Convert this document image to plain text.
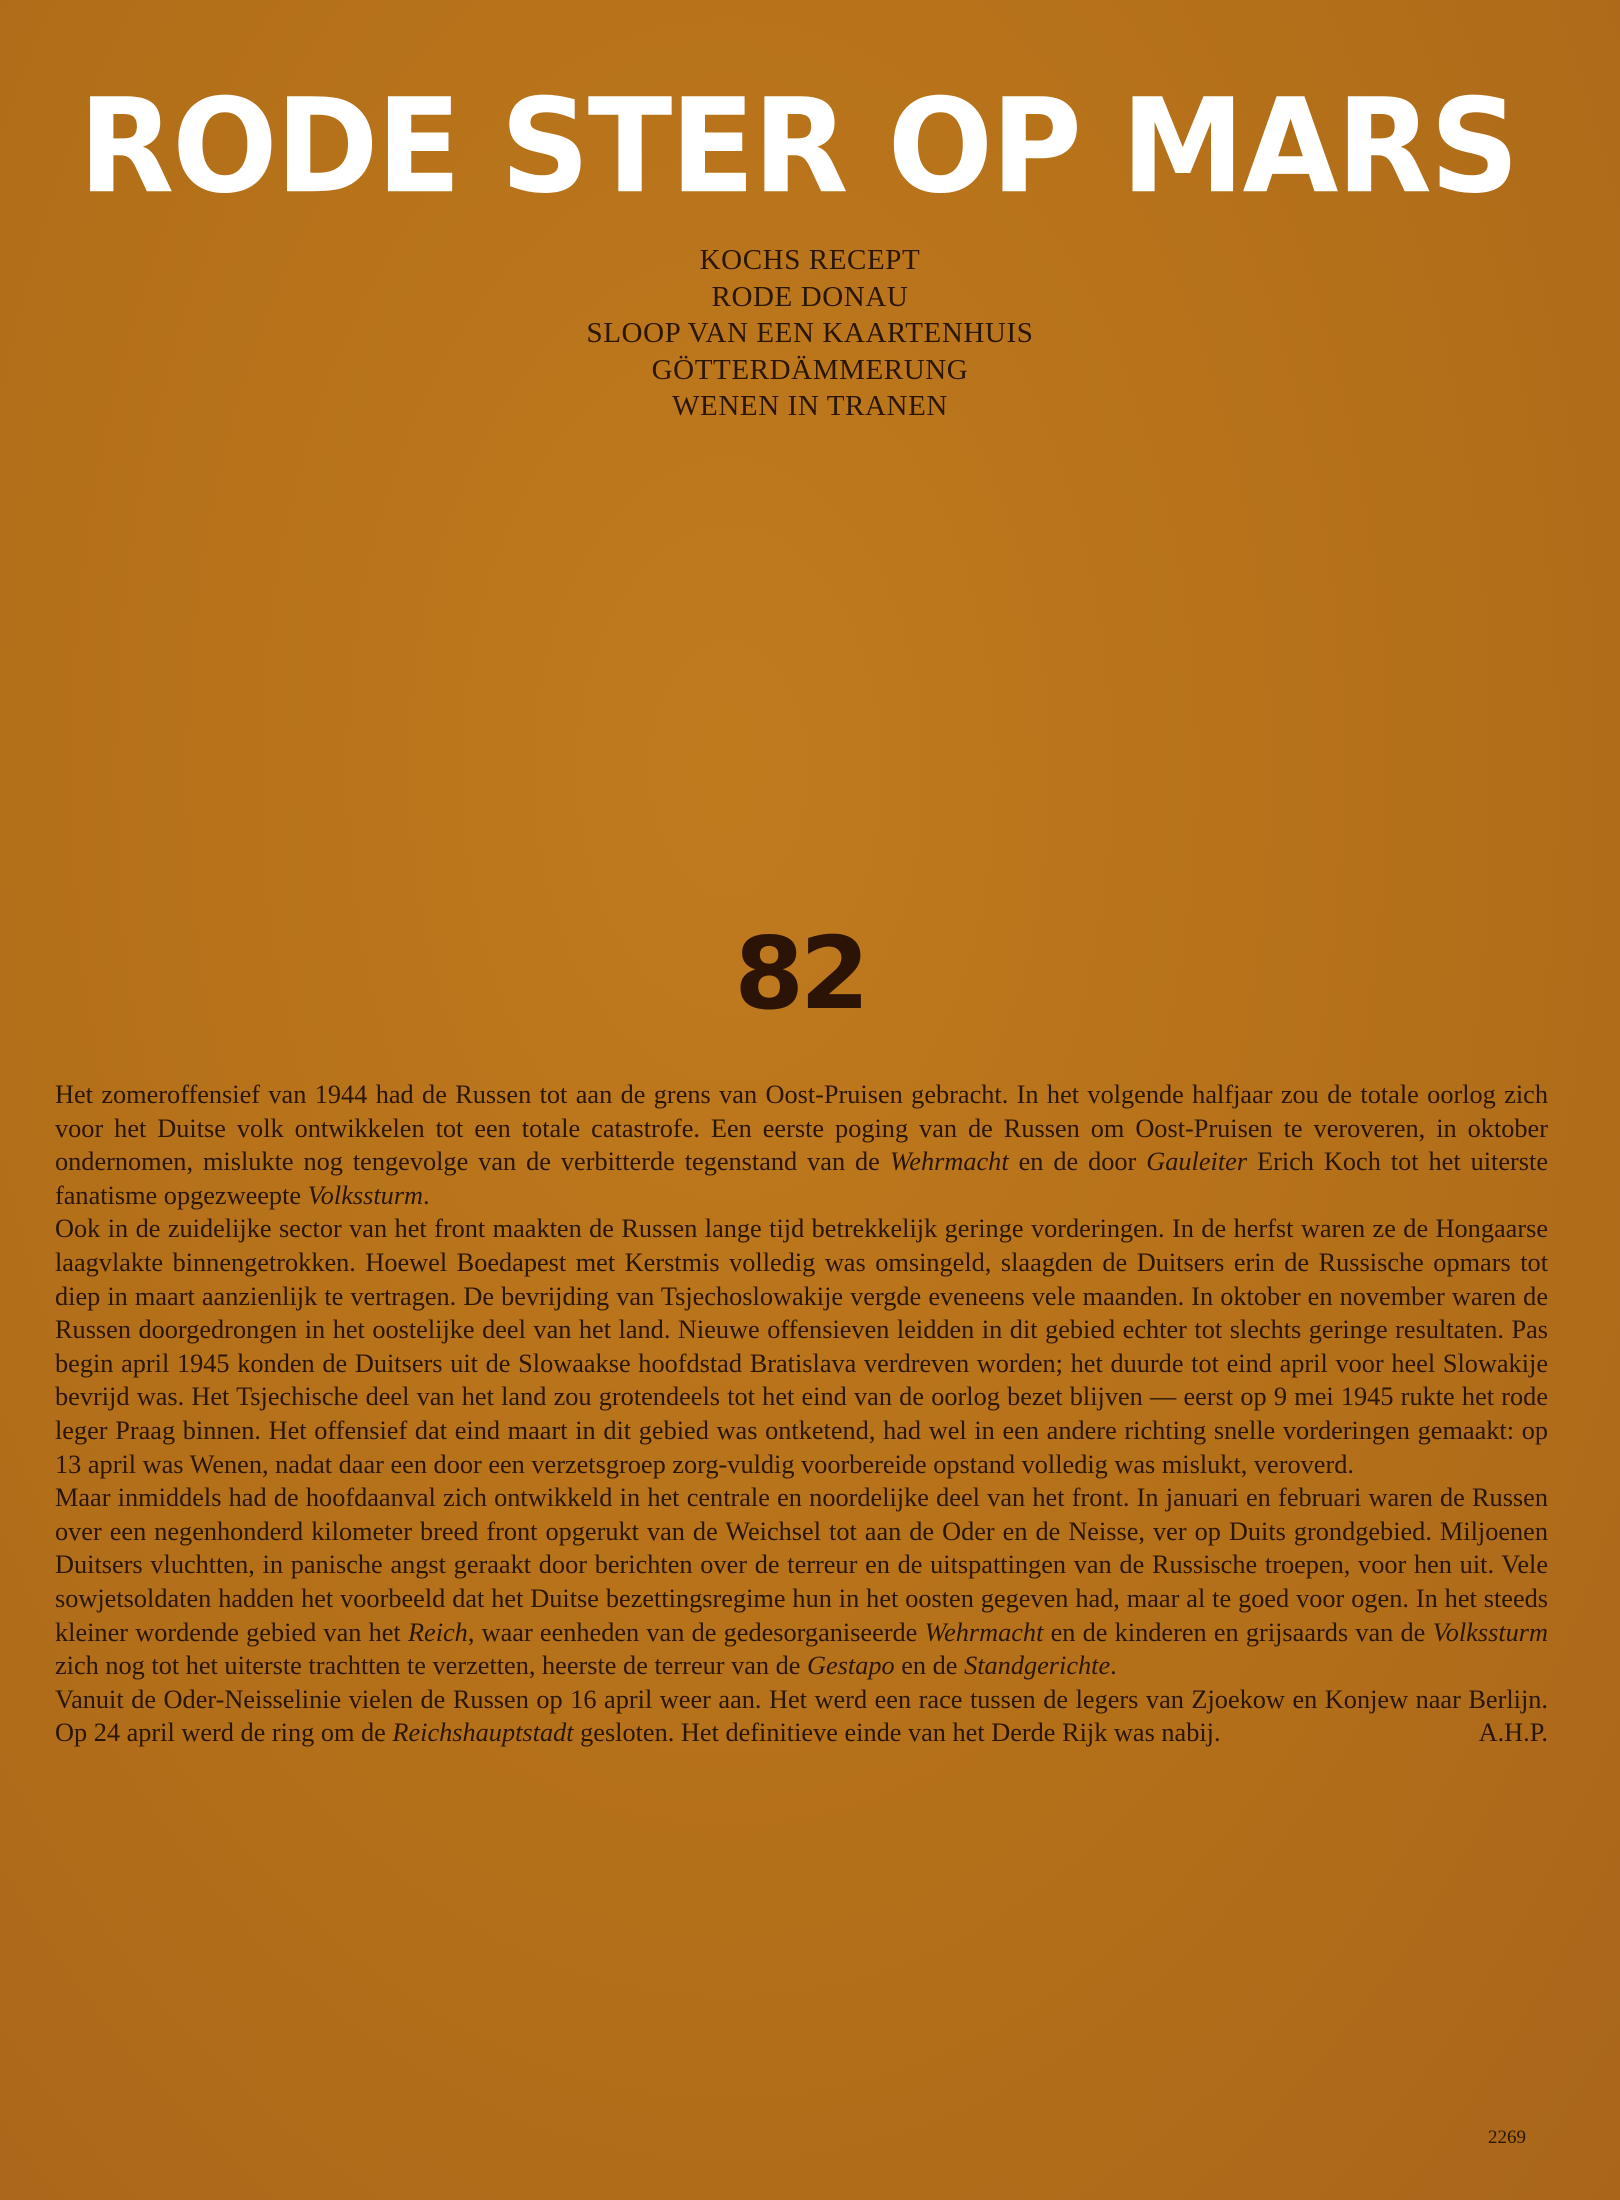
RODE STER OP MARS
KOCHS RECEPT
RODE DONAU
SLOOP VAN EEN KAARTENHUIS
GÖTTERDÄMMERUNG
WENEN IN TRANEN
82

Het zomeroffensief van 1944 had de Russen tot aan de grens van Oost-Pruisen gebracht. In het volgende halfjaar zou de totale oorlog zich voor het Duitse volk ontwikkelen tot een totale catastrofe. Een eerste poging van de Russen om Oost-Pruisen te veroveren, in oktober ondernomen, mislukte nog tengevolge van de verbitterde tegenstand van de Wehrmacht en de door Gauleiter Erich Koch tot het uiterste fanatisme opgezweepte Volkssturm.

Ook in de zuidelijke sector van het front maakten de Russen lange tijd betrekkelijk geringe vorderingen. In de herfst waren ze de Hongaarse laagvlakte binnengetrokken. Hoewel Boedapest met Kerstmis volledig was omsingeld, slaagden de Duitsers erin de Russische opmars tot diep in maart aanzienlijk te vertragen. De bevrijding van Tsjechoslowakije vergde eveneens vele maanden. In oktober en november waren de Russen doorgedrongen in het oostelijke deel van het land. Nieuwe offensieven leidden in dit gebied echter tot slechts geringe resultaten. Pas begin april 1945 konden de Duitsers uit de Slowaakse hoofdstad Bratislava verdreven worden; het duurde tot eind april voor heel Slowakije bevrijd was. Het Tsjechische deel van het land zou grotendeels tot het eind van de oorlog bezet blijven — eerst op 9 mei 1945 rukte het rode leger Praag binnen. Het offensief dat eind maart in dit gebied was ontketend, had wel in een andere richting snelle vorderingen gemaakt: op 13 april was Wenen, nadat daar een door een verzetsgroep zorg-vuldig voorbereide opstand volledig was mislukt, veroverd.

Maar inmiddels had de hoofdaanval zich ontwikkeld in het centrale en noordelijke deel van het front. In januari en februari waren de Russen over een negenhonderd kilometer breed front opgerukt van de Weichsel tot aan de Oder en de Neisse, ver op Duits grondgebied. Miljoenen Duitsers vluchtten, in panische angst geraakt door berichten over de terreur en de uitspattingen van de Russische troepen, voor hen uit. Vele sowjetsoldaten hadden het voorbeeld dat het Duitse bezettingsregime hun in het oosten gegeven had, maar al te goed voor ogen. In het steeds kleiner wordende gebied van het Reich, waar eenheden van de gedesorganiseerde Wehrmacht en de kinderen en grijsaards van de Volkssturm zich nog tot het uiterste trachtten te verzetten, heerste de terreur van de Gestapo en de Standgerichte.

Vanuit de Oder-Neisselinie vielen de Russen op 16 april weer aan. Het werd een race tussen de legers van Zjoekow en Konjew naar Berlijn. Op 24 april werd de ring om de Reichshauptstadt gesloten. Het definitieve einde van het Derde Rijk was nabij.	A.H.P.

2269
